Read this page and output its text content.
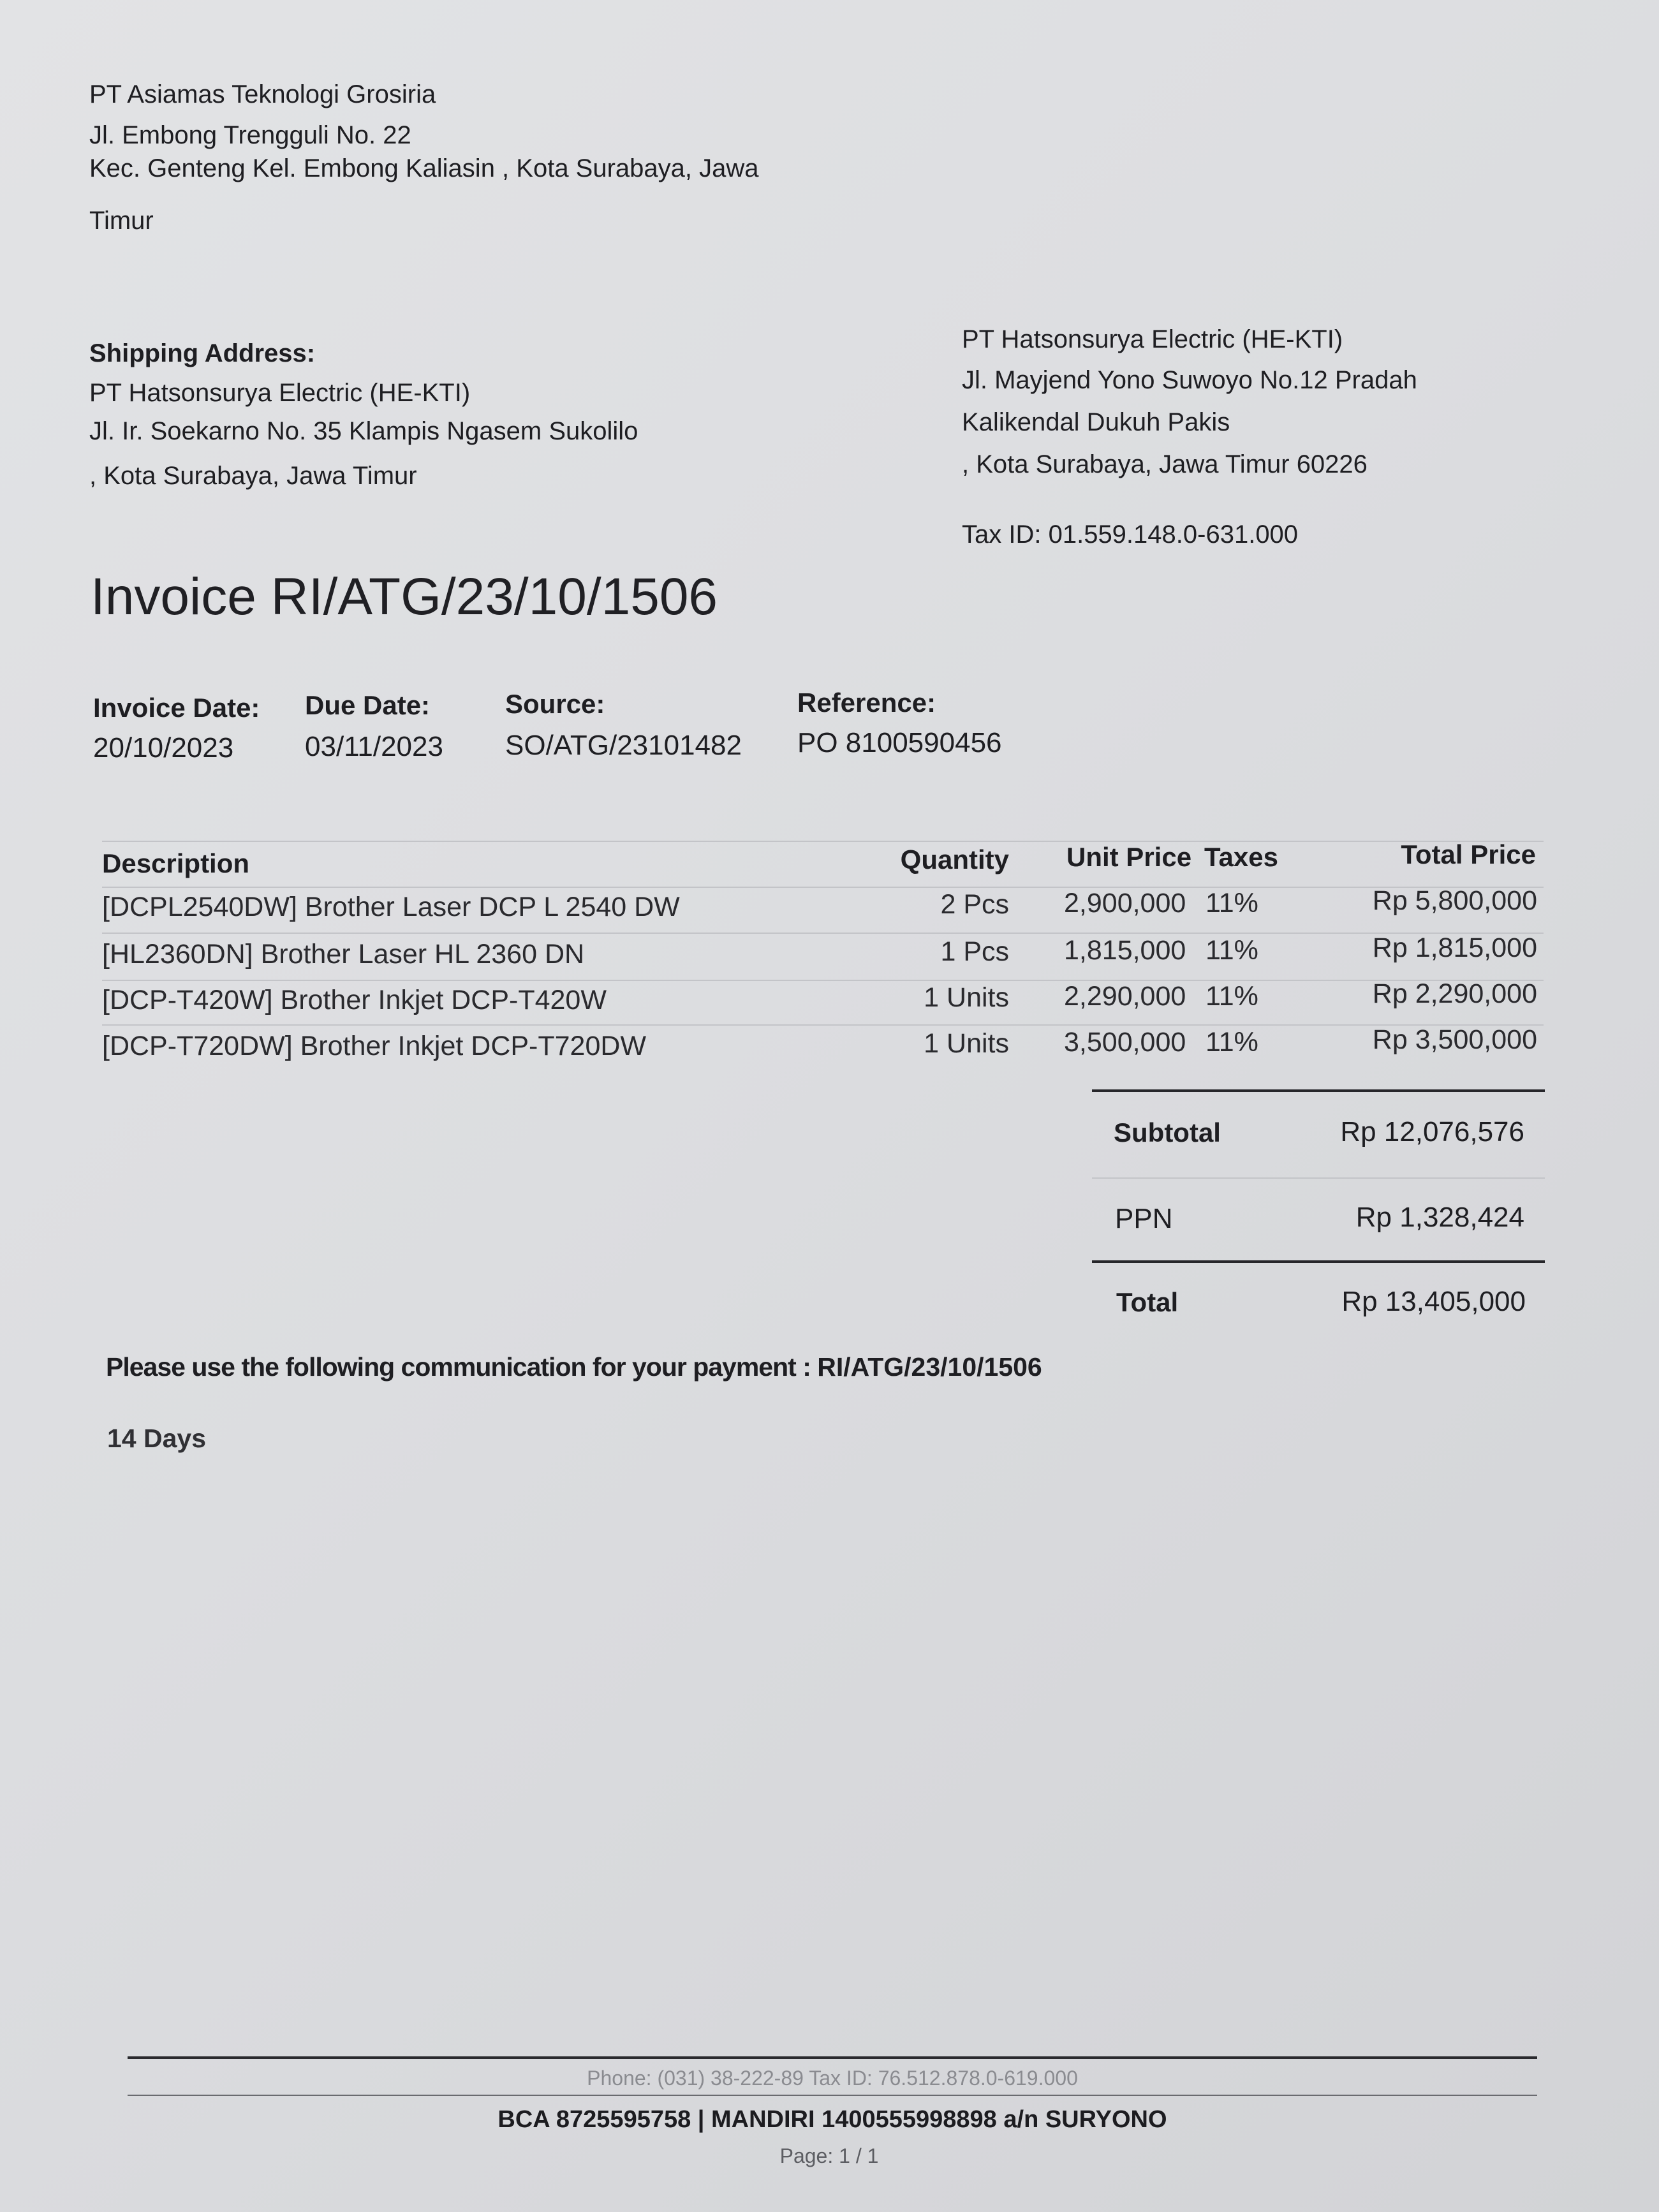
PT Asiamas Teknologi Grosiria
Jl. Embong Trengguli No. 22
Kec. Genteng Kel. Embong Kaliasin , Kota Surabaya, Jawa
Timur
Shipping Address:
PT Hatsonsurya Electric (HE-KTI)
Jl. Ir. Soekarno No. 35 Klampis Ngasem Sukolilo
, Kota Surabaya, Jawa Timur
PT Hatsonsurya Electric (HE-KTI)
Jl. Mayjend Yono Suwoyo No.12 Pradah
Kalikendal Dukuh Pakis
, Kota Surabaya, Jawa Timur 60226
Tax ID: 01.559.148.0-631.000
Invoice RI/ATG/23/10/1506
Invoice Date:
20/10/2023
Due Date:
03/11/2023
Source:
SO/ATG/23101482
Reference:
PO 8100590456
Description	Quantity Unit Price Taxes	Total Price
[DCPL2540DW] Brother Laser DCP L 2540 DW	2 Pcs 2,900,000 11%	Rp 5,800,000
[HL2360DN] Brother Laser HL 2360 DN	1 Pcs 1,815,000 11%	Rp 1,815,000
[DCP-T420W] Brother Inkjet DCP-T420W	1 Units 2,290,000 11%	Rp 2,290,000
[DCP-T720DW] Brother Inkjet DCP-T720DW	1 Units 3,500,000 11%	Rp 3,500,000
Subtotal	Rp 12,076,576
PPN	Rp 1,328,424
Total	Rp 13,405,000
Please use the following communication for your payment : RI/ATG/23/10/1506
14 Days
Phone: (031) 38-222-89 Tax ID: 76.512.878.0-619.000
BCA 8725595758 | MANDIRI 1400555998898 a/n SURYONO
Page: 1 / 1
